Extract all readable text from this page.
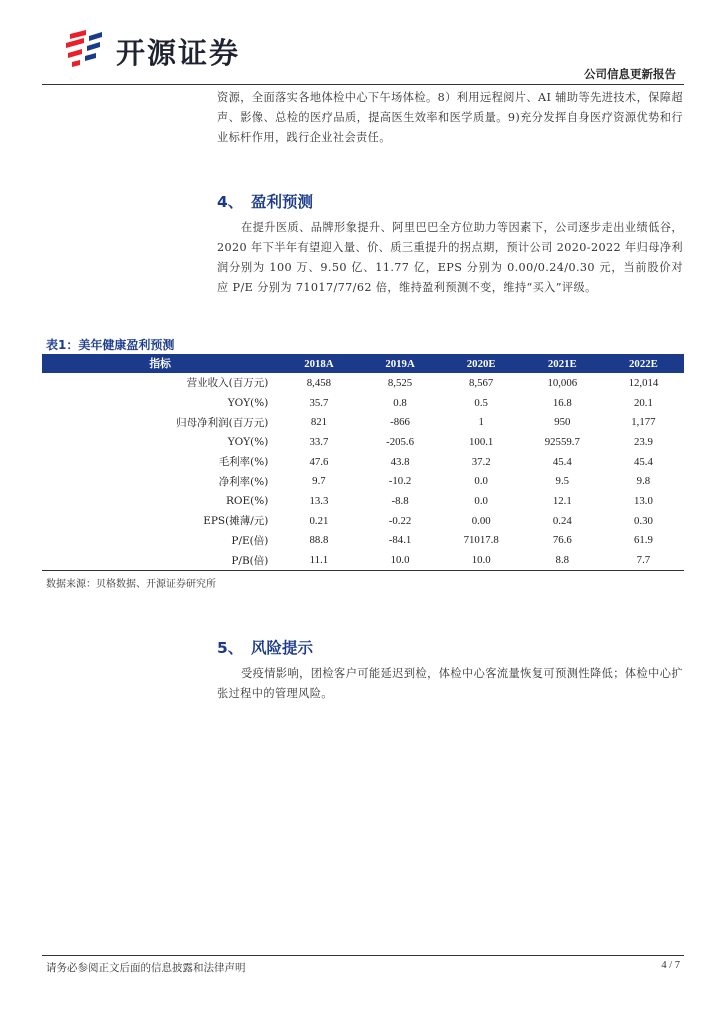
开源证券
公司信息更新报告

资源，全面落实各地体检中心下午场体检。8）利用远程阅片、AI 辅助等先进技术，保障超声、影像、总检的医疗品质，提高医生效率和医学质量。9)充分发挥自身医疗资源优势和行业标杆作用，践行企业社会责任。

4、 盈利预测

在提升医质、品牌形象提升、阿里巴巴全方位助力等因素下，公司逐步走出业绩低谷，2020 年下半年有望迎入量、价、质三重提升的拐点期，预计公司 2020-2022 年归母净利润分别为 100 万、9.50 亿、11.77 亿，EPS 分别为 0.00/0.24/0.30 元，当前股价对应 P/E 分别为 71017/77/62 倍，维持盈利预测不变，维持“买入”评级。

表1：美年健康盈利预测
指标	2018A	2019A	2020E	2021E	2022E
营业收入(百万元)	8,458	8,525	8,567	10,006	12,014
YOY(%)	35.7	0.8	0.5	16.8	20.1
归母净利润(百万元)	821	-866	1	950	1,177
YOY(%)	33.7	-205.6	100.1	92559.7	23.9
毛利率(%)	47.6	43.8	37.2	45.4	45.4
净利率(%)	9.7	-10.2	0.0	9.5	9.8
ROE(%)	13.3	-8.8	0.0	12.1	13.0
EPS(摊薄/元)	0.21	-0.22	0.00	0.24	0.30
P/E(倍)	88.8	-84.1	71017.8	76.6	61.9
P/B(倍)	11.1	10.0	10.0	8.8	7.7
数据来源：贝格数据、开源证券研究所
5、 风险提示

受疫情影响，团检客户可能延迟到检，体检中心客流量恢复可预测性降低；体检中心扩张过程中的管理风险。

请务必参阅正文后面的信息披露和法律声明	4 / 7
